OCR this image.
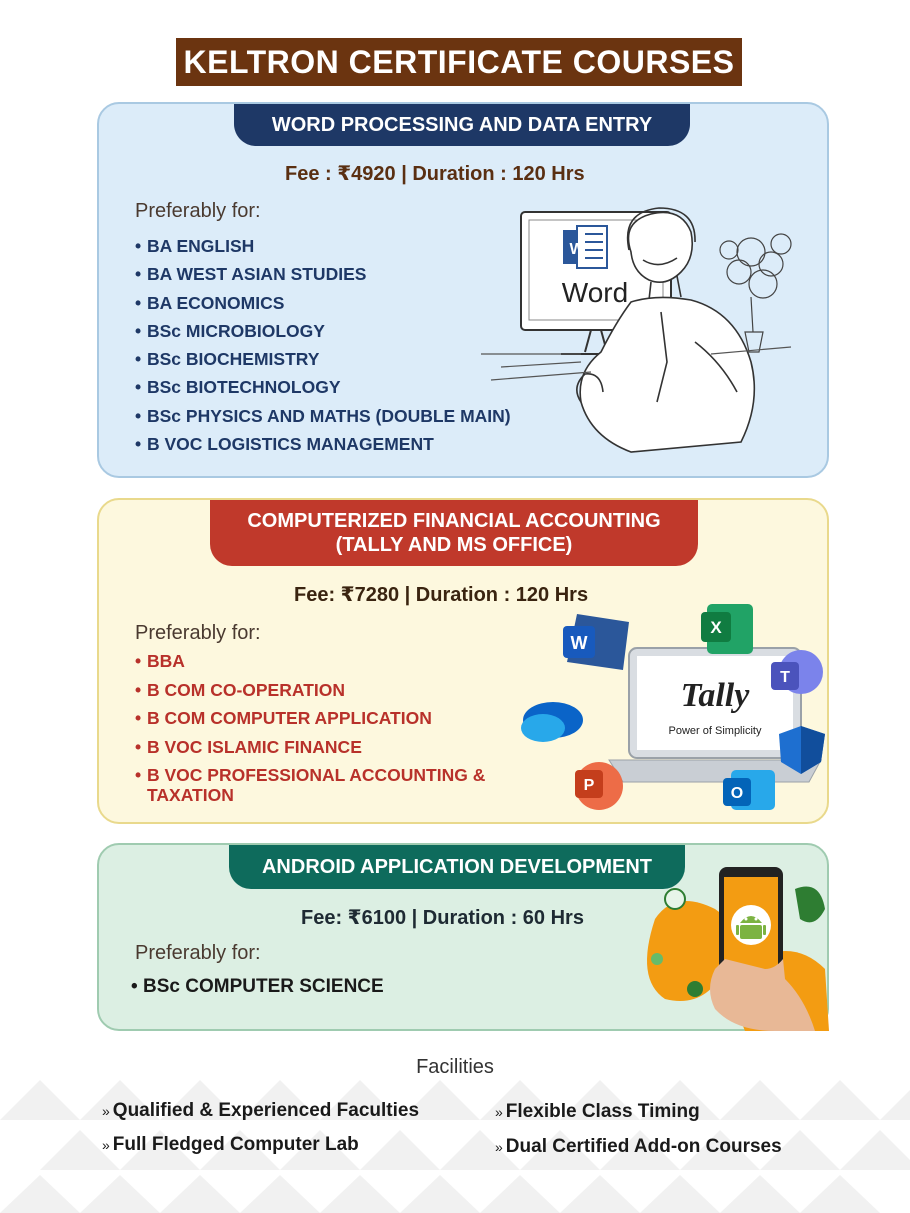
KELTRON CERTIFICATE COURSES
WORD PROCESSING AND DATA ENTRY
Fee : ₹4920 | Duration : 120 Hrs
Preferably for:
• BA ENGLISH
• BA WEST ASIAN STUDIES
• BA ECONOMICS
• BSc MICROBIOLOGY
• BSc BIOCHEMISTRY
• BSc BIOTECHNOLOGY
• BSc PHYSICS AND MATHS (DOUBLE MAIN)
• B VOC LOGISTICS MANAGEMENT
W
Word
COMPUTERIZED FINANCIAL ACCOUNTING
(TALLY AND MS OFFICE)
Fee: ₹7280 | Duration : 120 Hrs
Preferably for:
• BBA
• B COM CO-OPERATION
• B COM COMPUTER APPLICATION
• B VOC ISLAMIC FINANCE
• B VOC PROFESSIONAL ACCOUNTING & TAXATION
Tally
Power of Simplicity
W
X
T
P	O
ANDROID APPLICATION DEVELOPMENT
Fee: ₹6100 | Duration : 60 Hrs
Preferably for:
• BSc COMPUTER SCIENCE
Facilities
» Qualified & Experienced Faculties	» Flexible Class Timing
» Full Fledged Computer Lab	» Dual Certified Add-on Courses
